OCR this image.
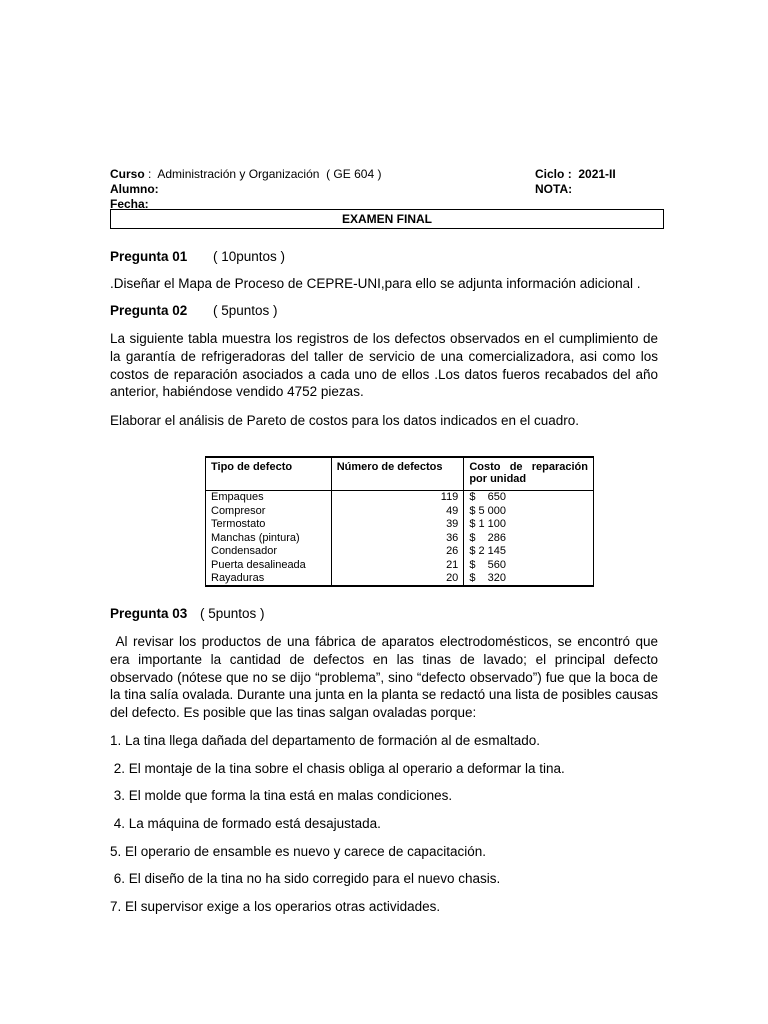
Curso :  Administración y Organización  ( GE 604 )	Ciclo :  2021-II
Alumno:	NOTA:
Fecha:
EXAMEN FINAL
Pregunta 01 ( 10puntos )
.Diseñar el Mapa de Proceso de CEPRE-UNI,para ello se adjunta información adicional .
Pregunta 02 ( 5puntos )
La siguiente tabla muestra los registros de los defectos observados en el cumplimiento de la garantía de refrigeradoras del taller de servicio de una comercializadora, asi como los costos de reparación asociados a cada uno de ellos .Los datos fueros recabados del año anterior, habiéndose vendido 4752 piezas.
Elaborar el análisis de Pareto de costos para los datos indicados en el cuadro.
Tipo de defecto	Número de defectos	Costo de reparación por unidad
Empaques	119	$    650
Compresor	49	$ 5 000
Termostato	39	$ 1 100
Manchas (pintura)	36	$    286
Condensador	26	$ 2 145
Puerta desalineada	21	$    560
Rayaduras	20	$    320
Pregunta 03 ( 5puntos )
Al revisar los productos de una fábrica de aparatos electrodomésticos, se encontró que era importante la cantidad de defectos en las tinas de lavado; el principal defecto observado (nótese que no se dijo “problema”, sino “defecto observado”) fue que la boca de la tina salía ovalada. Durante una junta en la planta se redactó una lista de posibles causas del defecto. Es posible que las tinas salgan ovaladas porque:
1. La tina llega dañada del departamento de formación al de esmaltado.
2. El montaje de la tina sobre el chasis obliga al operario a deformar la tina.
3. El molde que forma la tina está en malas condiciones.
4. La máquina de formado está desajustada.
5. El operario de ensamble es nuevo y carece de capacitación.
6. El diseño de la tina no ha sido corregido para el nuevo chasis.
7. El supervisor exige a los operarios otras actividades.
